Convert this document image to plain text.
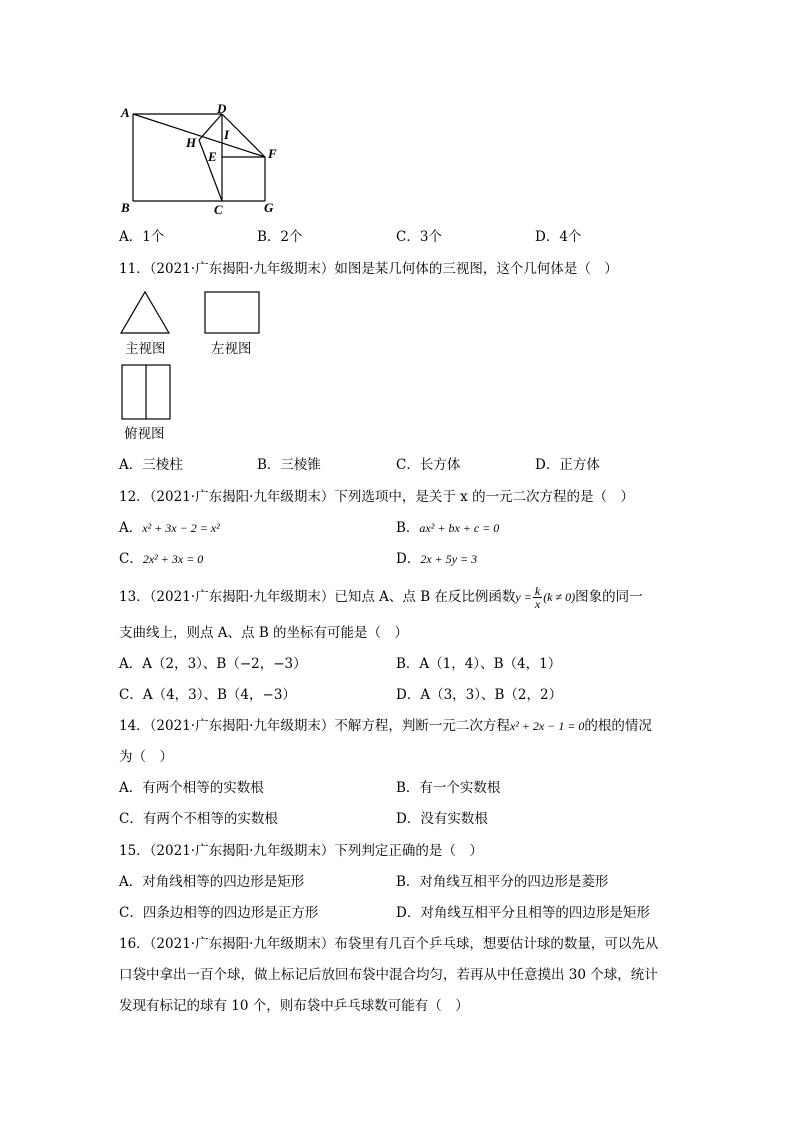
A	D
H
I
E	F
B	C	G
A．1个	B．2个	C．3个	D．4个
11．（2021·广东揭阳·九年级期末）如图是某几何体的三视图，这个几何体是（　）
主视图	左视图
俯视图
A．三棱柱	B．三棱锥	C．长方体	D．正方体
12．（2021·广东揭阳·九年级期末）下列选项中，是关于 x 的一元二次方程的是（　）
A．x² + 3x − 2 = x²	B．ax² + bx + c = 0
C．2x² + 3x = 0	D．2x + 5y = 3
13．（2021·广东揭阳·九年级期末）已知点 A、点 B 在反比例函数$y = \frac{k}{x} (k \ne 0)$图象的同一
支曲线上，则点 A、点 B 的坐标有可能是（　）
A．A（2，3）、B（−2，−3）	B．A（1，4）、B（4，1）
C．A（4，3）、B（4，−3）	D．A（3，3）、B（2，2）
14．（2021·广东揭阳·九年级期末）不解方程，判断一元二次方程x² + 2x − 1 = 0的根的情况
为（　）
A．有两个相等的实数根	B．有一个实数根
C．有两个不相等的实数根	D．没有实数根
15．（2021·广东揭阳·九年级期末）下列判定正确的是（　）
A．对角线相等的四边形是矩形	B．对角线互相平分的四边形是菱形
C．四条边相等的四边形是正方形	D．对角线互相平分且相等的四边形是矩形
16．（2021·广东揭阳·九年级期末）布袋里有几百个乒乓球，想要估计球的数量，可以先从
口袋中拿出一百个球，做上标记后放回布袋中混合均匀，若再从中任意摸出 30 个球，统计
发现有标记的球有 10 个，则布袋中乒乓球数可能有（　）
